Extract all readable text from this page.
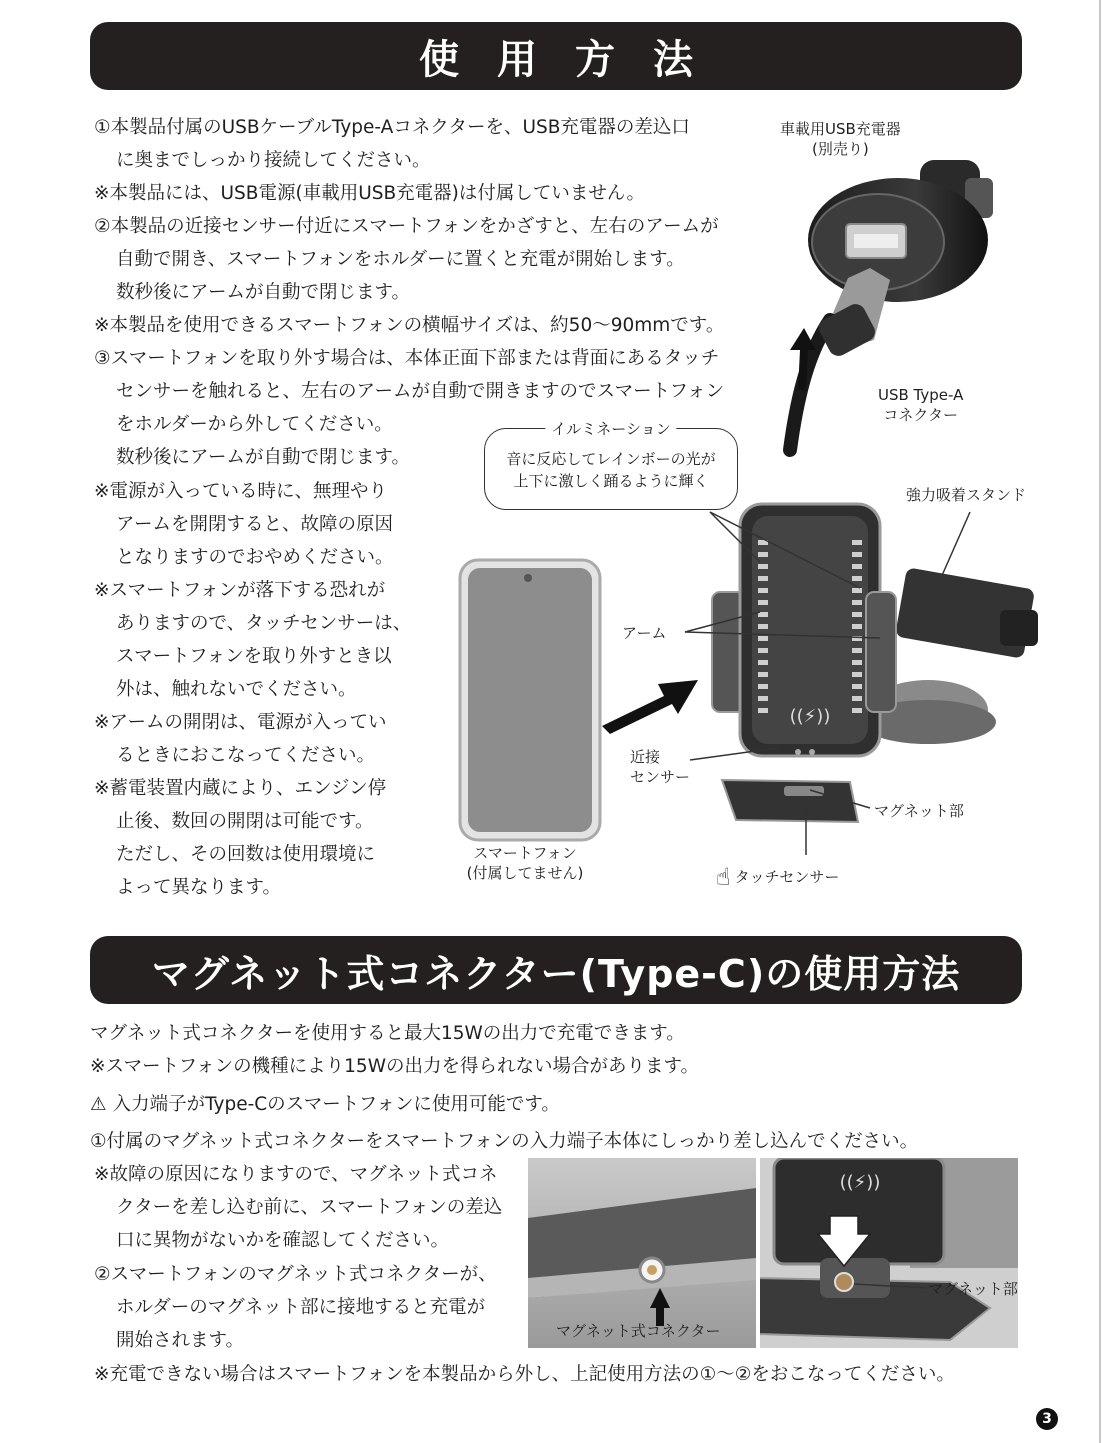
使用方法
①本製品付属のUSBケーブルType-Aコネクターを、USB充電器の差込口
に奥までしっかり接続してください。
※本製品には、USB電源(車載用USB充電器)は付属していません。
②本製品の近接センサー付近にスマートフォンをかざすと、左右のアームが
自動で開き、スマートフォンをホルダーに置くと充電が開始します。
数秒後にアームが自動で閉じます。
※本製品を使用できるスマートフォンの横幅サイズは、約50〜90mmです。
③スマートフォンを取り外す場合は、本体正面下部または背面にあるタッチ
センサーを触れると、左右のアームが自動で開きますのでスマートフォン
をホルダーから外してください。
数秒後にアームが自動で閉じます。
※電源が入っている時に、無理やり
アームを開閉すると、故障の原因
となりますのでおやめください。
※スマートフォンが落下する恐れが
ありますので、タッチセンサーは、
スマートフォンを取り外すとき以
外は、触れないでください。
※アームの開閉は、電源が入ってい
るときにおこなってください。
※蓄電装置内蔵により、エンジン停
止後、数回の開閉は可能です。
ただし、その回数は使用環境に
よって異なります。
車載用USB充電器
(別売り)
USB Type-A
コネクター
イルミネーション
音に反応してレインボーの光が
上下に激しく踊るように輝く
スマートフォン
(付属してません)
((⚡))
強力吸着スタンド
アーム
近接
センサー
マグネット部
☝ タッチセンサー
マグネット式コネクター(Type-C)の使用方法
マグネット式コネクターを使用すると最大15Wの出力で充電できます。
※スマートフォンの機種により15Wの出力を得られない場合があります。
⚠ 入力端子がType-Cのスマートフォンに使用可能です。
①付属のマグネット式コネクターをスマートフォンの入力端子本体にしっかり差し込んでください。
※故障の原因になりますので、マグネット式コネ
クターを差し込む前に、スマートフォンの差込
口に異物がないかを確認してください。
②スマートフォンのマグネット式コネクターが、
ホルダーのマグネット部に接地すると充電が
開始されます。
※充電できない場合はスマートフォンを本製品から外し、上記使用方法の①〜②をおこなってください。
マグネット式コネクター
((⚡))
マグネット部
3
